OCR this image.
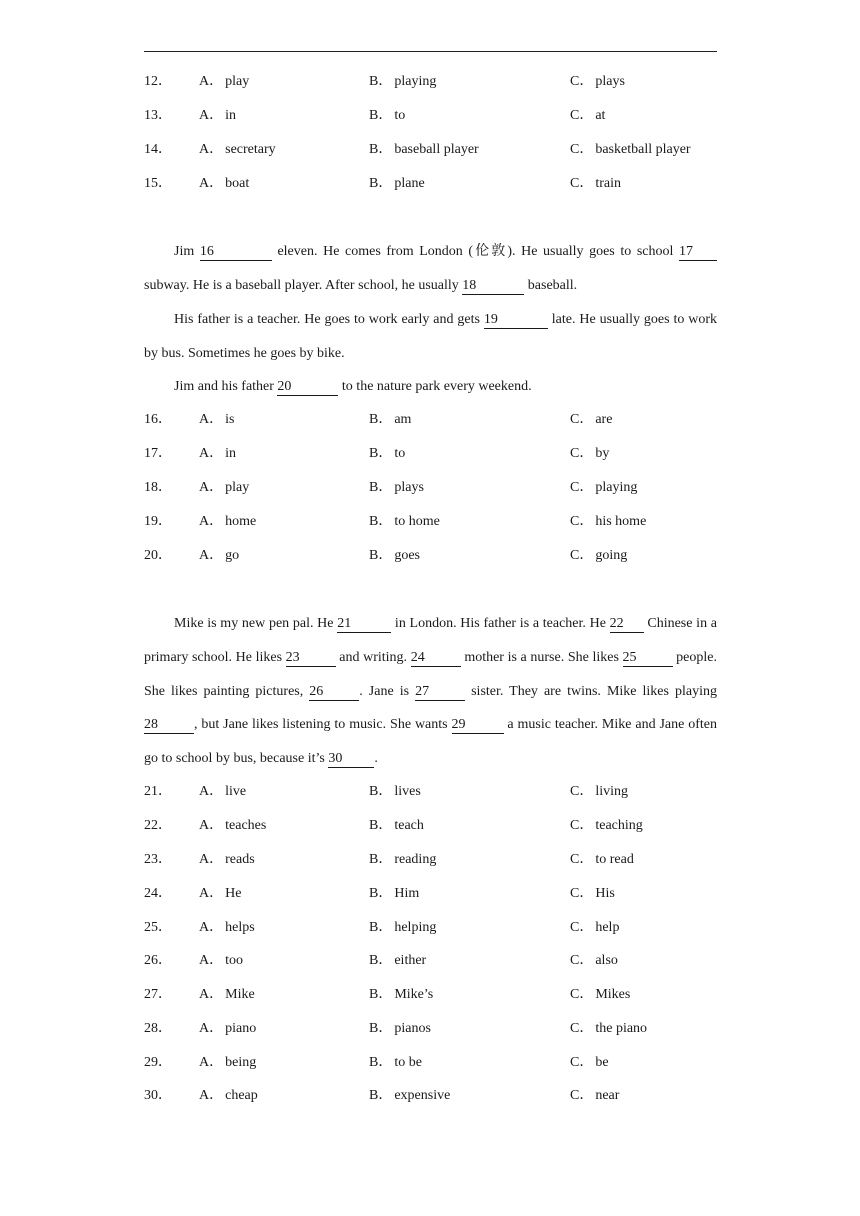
12． A． play	B． playing	C． plays
13． A． in	B． to	C． at
14． A． secretary	B． baseball player	C． basketball player
15． A． boat	B． plane	C． train
Jim 16	eleven. He comes from London (伦敦). He usually goes to school 17 subway. He is a baseball player. After school, he usually 18	baseball.
His father is a teacher. He goes to work early and gets 19	late. He usually goes to work by bus. Sometimes he goes by bike.
Jim and his father 20	to the nature park every weekend.
16． A． is	B． am	C． are
17． A． in	B． to	C． by
18． A． play	B． plays	C． playing
19． A． home	B． to home	C． his home
20． A． go	B． goes	C． going
Mike is my new pen pal. He 21	in London. His father is a teacher. He 22 Chinese in a primary school. He likes 23	and writing. 24	mother is a nurse. She likes 25	people. She likes painting pictures, 26	. Jane is 27	sister. They are twins. Mike likes playing 28	, but Jane likes listening to music. She wants 29	a music teacher. Mike and Jane often go to school by bus, because it’s 30 .
21． A． live	B． lives	C． living
22． A． teaches	B． teach	C． teaching
23． A． reads	B． reading	C． to read
24． A． He	B． Him	C． His
25． A． helps	B． helping	C． help
26． A． too	B． either	C． also
27． A． Mike	B． Mike’s	C． Mikes
28． A． piano	B． pianos	C． the piano
29． A． being	B． to be	C． be
30． A． cheap	B． expensive	C． near
